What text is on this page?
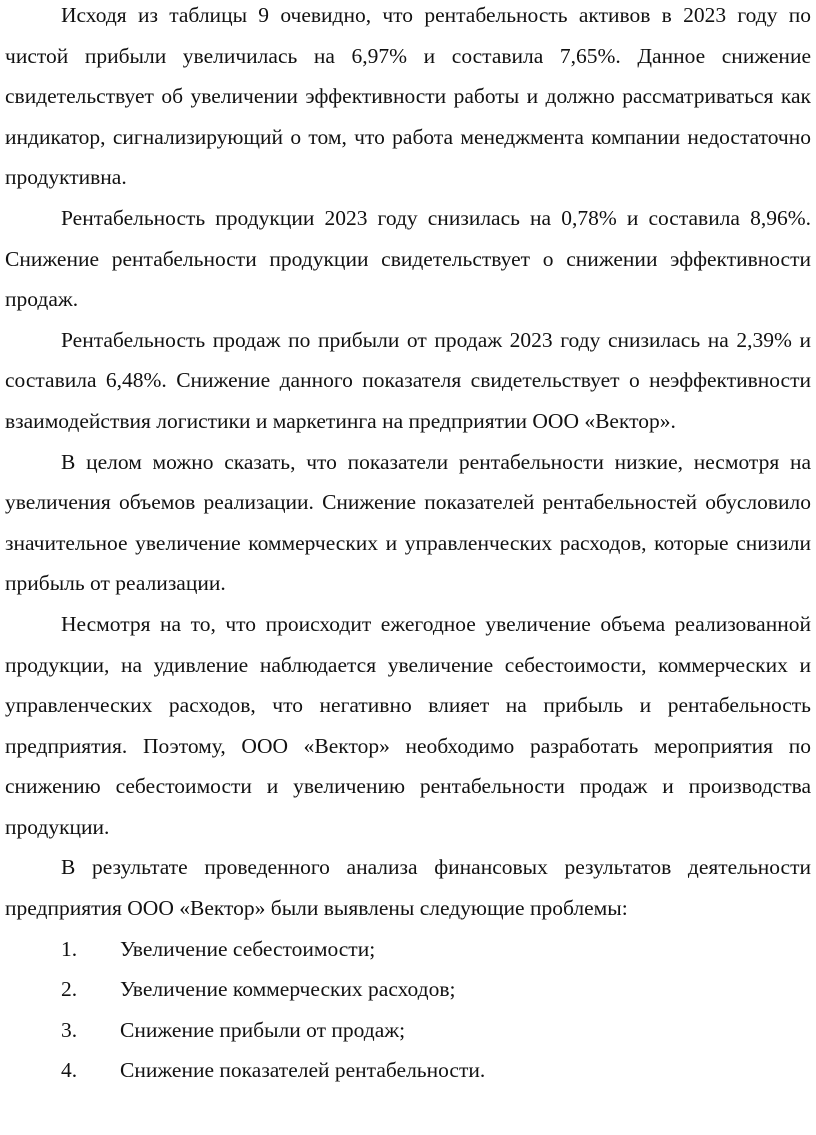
Исходя из таблицы 9 очевидно, что рентабельность активов в 2023 году по чистой прибыли увеличилась на 6,97% и составила 7,65%. Данное снижение свидетельствует об увеличении эффективности работы и должно рассматриваться как индикатор, сигнализирующий о том, что работа менеджмента компании недостаточно продуктивна.

Рентабельность продукции 2023 году снизилась на 0,78% и составила 8,96%. Снижение рентабельности продукции свидетельствует о снижении эффективности продаж.

Рентабельность продаж по прибыли от продаж 2023 году снизилась на 2,39% и составила 6,48%. Снижение данного показателя свидетельствует о неэффективности взаимодействия логистики и маркетинга на предприятии ООО «Вектор».

В целом можно сказать, что показатели рентабельности низкие, несмотря на увеличения объемов реализации. Снижение показателей рентабельностей обусловило значительное увеличение коммерческих и управленческих расходов, которые снизили прибыль от реализации.

Несмотря на то, что происходит ежегодное увеличение объема реализованной продукции, на удивление наблюдается увеличение себестоимости, коммерческих и управленческих расходов, что негативно влияет на прибыль и рентабельность предприятия. Поэтому, ООО «Вектор» необходимо разработать мероприятия по снижению себестоимости и увеличению рентабельности продаж и производства продукции.

В результате проведенного анализа финансовых результатов деятельности предприятия ООО «Вектор» были выявлены следующие проблемы:

1.	Увеличение себестоимости;
2.	Увеличение коммерческих расходов;
3.	Снижение прибыли от продаж;
4.	Снижение показателей рентабельности.
